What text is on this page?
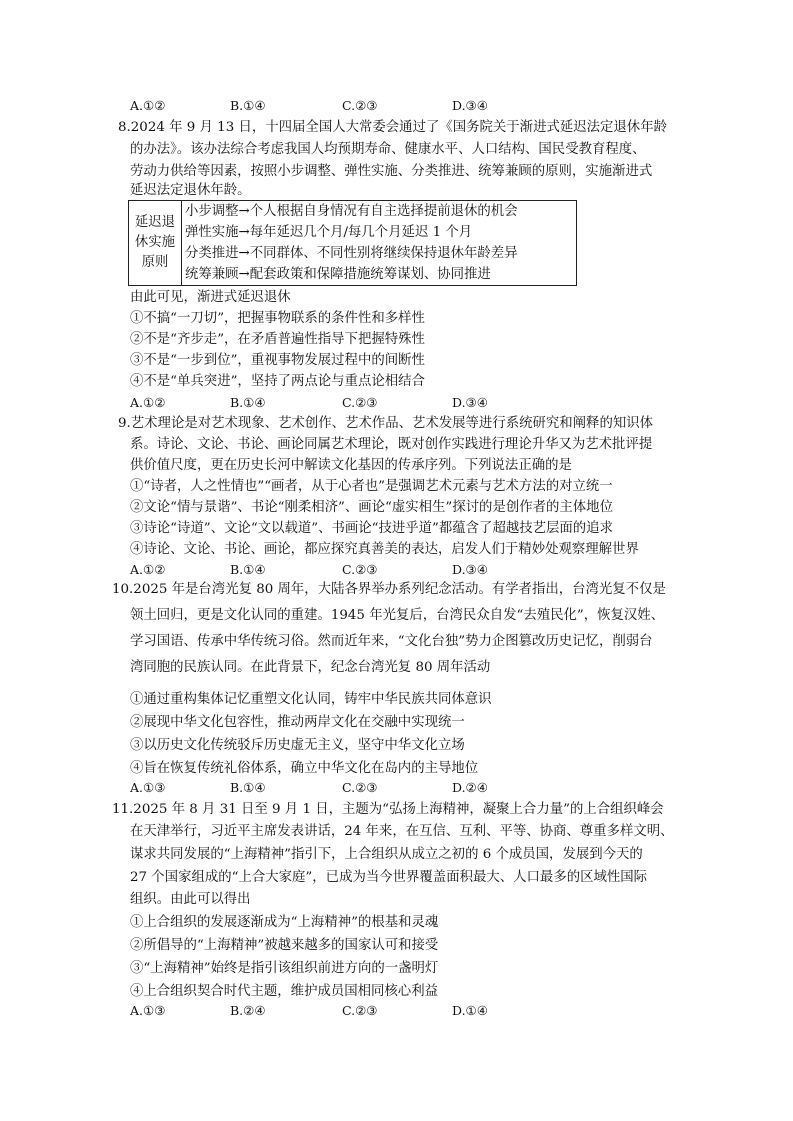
A.①②	B.①④	C.②③	D.③④
8.2024 年 9 月 13 日，十四届全国人大常委会通过了《国务院关于渐进式延迟法定退休年龄
的办法》。该办法综合考虑我国人均预期寿命、健康水平、人口结构、国民受教育程度、
劳动力供给等因素，按照小步调整、弹性实施、分类推进、统筹兼顾的原则，实施渐进式
延迟法定退休年龄。
延迟退
休实施
原则
	小步调整→个人根据自身情况有自主选择提前退休的机会
弹性实施→每年延迟几个月/每几个月延迟 1 个月
分类推进→不同群体、不同性别将继续保持退休年龄差异
统筹兼顾→配套政策和保障措施统筹谋划、协同推进
由此可见，渐进式延迟退休
①不搞“一刀切”，把握事物联系的条件性和多样性
②不是“齐步走”，在矛盾普遍性指导下把握特殊性
③不是“一步到位”，重视事物发展过程中的间断性
④不是“单兵突进”，坚持了两点论与重点论相结合
A.①②	B.①④	C.②③	D.③④
9.艺术理论是对艺术现象、艺术创作、艺术作品、艺术发展等进行系统研究和阐释的知识体
系。诗论、文论、书论、画论同属艺术理论，既对创作实践进行理论升华又为艺术批评提
供价值尺度，更在历史长河中解读文化基因的传承序列。下列说法正确的是
①“诗者，人之性情也”“画者，从于心者也”是强调艺术元素与艺术方法的对立统一
②文论“情与景谐”、书论“刚柔相济”、画论“虚实相生”探讨的是创作者的主体地位
③诗论“诗道”、文论“文以载道”、书画论“技进乎道”都蕴含了超越技艺层面的追求
④诗论、文论、书论、画论，都应探究真善美的表达，启发人们于精妙处观察理解世界
A.①②	B.①④	C.②③	D.③④
10.2025 年是台湾光复 80 周年，大陆各界举办系列纪念活动。有学者指出，台湾光复不仅是
领土回归，更是文化认同的重建。1945 年光复后，台湾民众自发“去殖民化”，恢复汉姓、
学习国语、传承中华传统习俗。然而近年来，“文化台独”势力企图篡改历史记忆，削弱台
湾同胞的民族认同。在此背景下，纪念台湾光复 80 周年活动
①通过重构集体记忆重塑文化认同，铸牢中华民族共同体意识
②展现中华文化包容性，推动两岸文化在交融中实现统一
③以历史文化传统驳斥历史虚无主义，坚守中华文化立场
④旨在恢复传统礼俗体系，确立中华文化在岛内的主导地位
A.①③	B.①④	C.②③	D.②④
11.2025 年 8 月 31 日至 9 月 1 日，主题为“弘扬上海精神，凝聚上合力量”的上合组织峰会
在天津举行，习近平主席发表讲话，24 年来，在互信、互利、平等、协商、尊重多样文明、
谋求共同发展的“上海精神”指引下，上合组织从成立之初的 6 个成员国，发展到今天的
27 个国家组成的“上合大家庭”，已成为当今世界覆盖面积最大、人口最多的区域性国际
组织。由此可以得出
①上合组织的发展逐渐成为“上海精神”的根基和灵魂
②所倡导的“上海精神”被越来越多的国家认可和接受
③“上海精神”始终是指引该组织前进方向的一盏明灯
④上合组织契合时代主题，维护成员国相同核心利益
A.①③	B.②④	C.②③	D.①④
